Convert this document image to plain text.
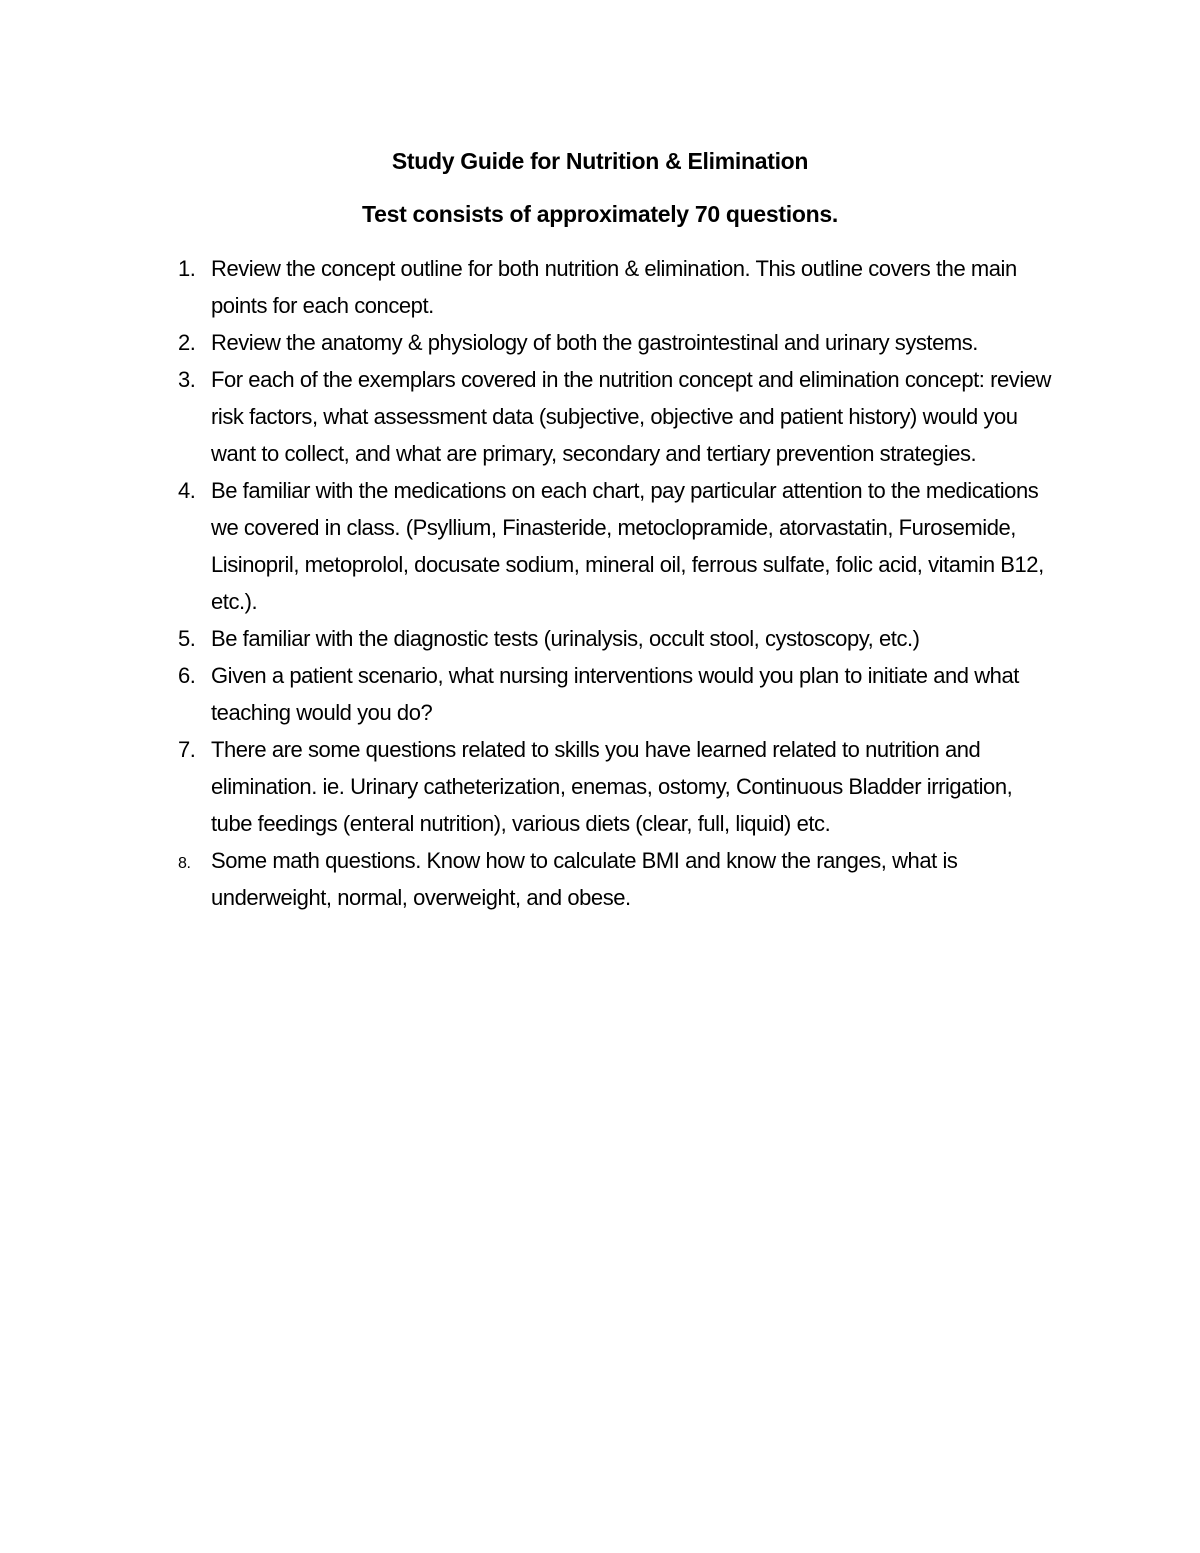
Study Guide for Nutrition & Elimination
Test consists of approximately 70 questions.
1. Review the concept outline for both nutrition & elimination. This outline covers the main points for each concept.
2. Review the anatomy & physiology of both the gastrointestinal and urinary systems.
3. For each of the exemplars covered in the nutrition concept and elimination concept: review risk factors, what assessment data (subjective, objective and patient history) would you want to collect, and what are primary, secondary and tertiary prevention strategies.
4. Be familiar with the medications on each chart, pay particular attention to the medications we covered in class. (Psyllium, Finasteride, metoclopramide, atorvastatin, Furosemide, Lisinopril, metoprolol, docusate sodium, mineral oil, ferrous sulfate, folic acid, vitamin B12, etc.).
5. Be familiar with the diagnostic tests (urinalysis, occult stool, cystoscopy, etc.)
6. Given a patient scenario, what nursing interventions would you plan to initiate and what teaching would you do?
7. There are some questions related to skills you have learned related to nutrition and elimination. ie. Urinary catheterization, enemas, ostomy, Continuous Bladder irrigation, tube feedings (enteral nutrition), various diets (clear, full, liquid) etc.
8. Some math questions. Know how to calculate BMI and know the ranges, what is underweight, normal, overweight, and obese.
